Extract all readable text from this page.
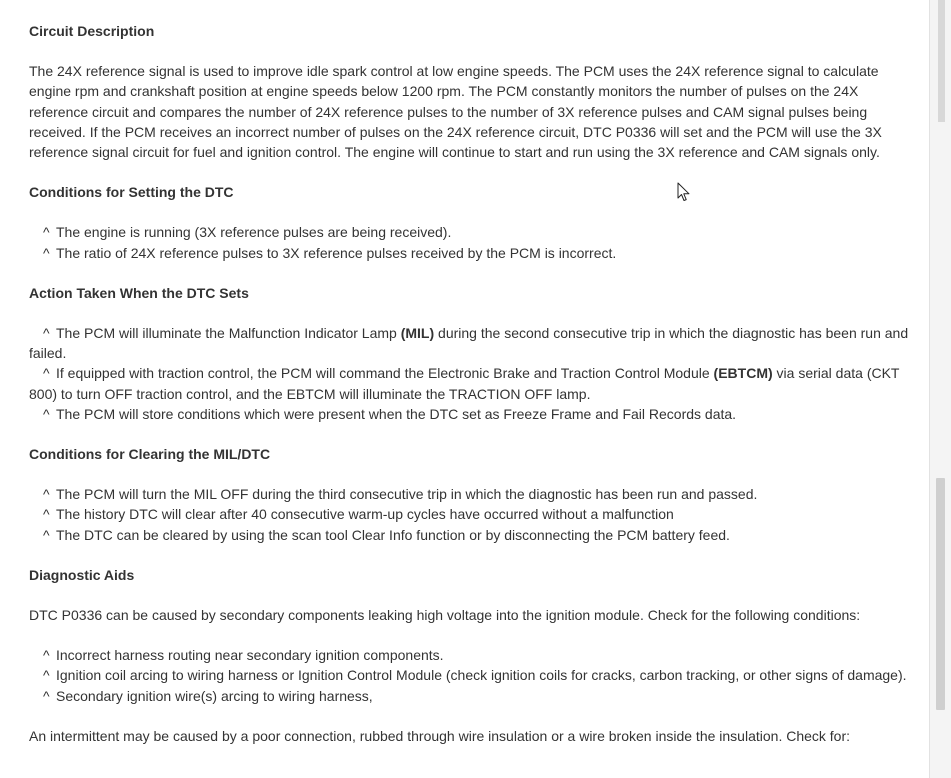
Circuit Description
The 24X reference signal is used to improve idle spark control at low engine speeds. The PCM uses the 24X reference signal to calculate engine rpm and crankshaft position at engine speeds below 1200 rpm. The PCM constantly monitors the number of pulses on the 24X reference circuit and compares the number of 24X reference pulses to the number of 3X reference pulses and CAM signal pulses being received. If the PCM receives an incorrect number of pulses on the 24X reference circuit, DTC P0336 will set and the PCM will use the 3X reference signal circuit for fuel and ignition control. The engine will continue to start and run using the 3X reference and CAM signals only.
Conditions for Setting the DTC
^ The engine is running (3X reference pulses are being received).
^ The ratio of 24X reference pulses to 3X reference pulses received by the PCM is incorrect.
Action Taken When the DTC Sets
^ The PCM will illuminate the Malfunction Indicator Lamp (MIL) during the second consecutive trip in which the diagnostic has been run and failed.
^ If equipped with traction control, the PCM will command the Electronic Brake and Traction Control Module (EBTCM) via serial data (CKT 800) to turn OFF traction control, and the EBTCM will illuminate the TRACTION OFF lamp.
^ The PCM will store conditions which were present when the DTC set as Freeze Frame and Fail Records data.
Conditions for Clearing the MIL/DTC
^ The PCM will turn the MIL OFF during the third consecutive trip in which the diagnostic has been run and passed.
^ The history DTC will clear after 40 consecutive warm-up cycles have occurred without a malfunction
^ The DTC can be cleared by using the scan tool Clear Info function or by disconnecting the PCM battery feed.
Diagnostic Aids
DTC P0336 can be caused by secondary components leaking high voltage into the ignition module. Check for the following conditions:
^ Incorrect harness routing near secondary ignition components.
^ Ignition coil arcing to wiring harness or Ignition Control Module (check ignition coils for cracks, carbon tracking, or other signs of damage).
^ Secondary ignition wire(s) arcing to wiring harness,
An intermittent may be caused by a poor connection, rubbed through wire insulation or a wire broken inside the insulation. Check for:
